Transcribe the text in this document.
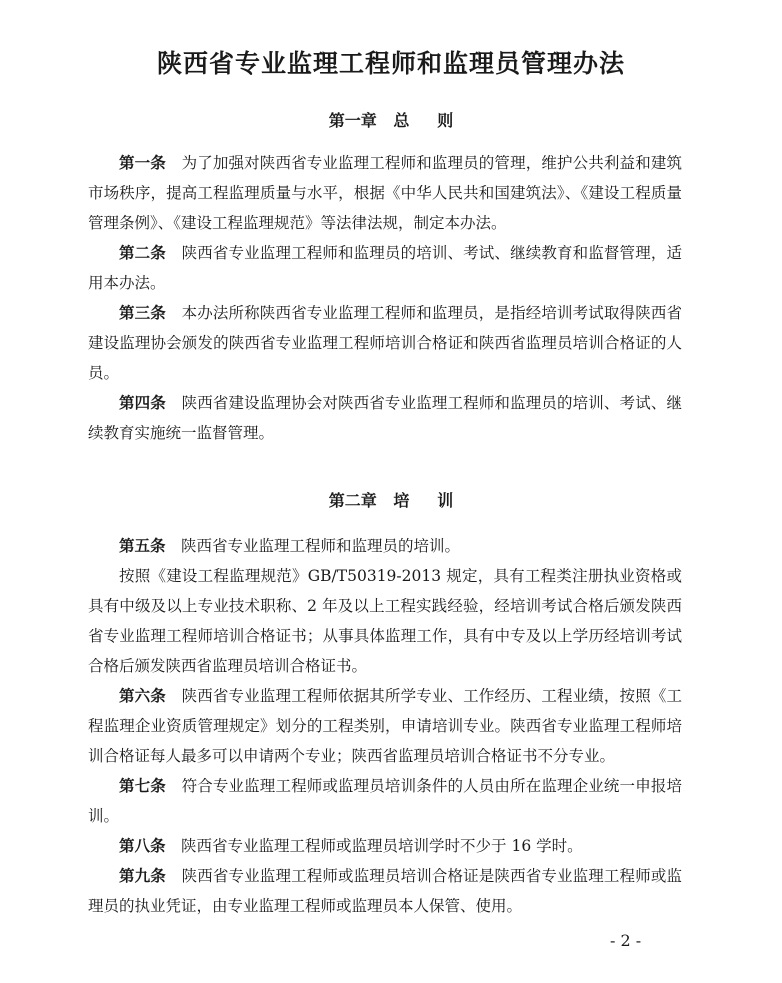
陕西省专业监理工程师和监理员管理办法
第一章   总     则

第一条　 为了加强对陕西省专业监理工程师和监理员的管理，维护公共利益和建筑市场秩序，提高工程监理质量与水平，根据《中华人民共和国建筑法》、《建设工程质量管理条例》、《建设工程监理规范》等法律法规，制定本办法。

第二条　 陕西省专业监理工程师和监理员的培训、考试、继续教育和监督管理，适用本办法。

第三条　 本办法所称陕西省专业监理工程师和监理员，是指经培训考试取得陕西省建设监理协会颁发的陕西省专业监理工程师培训合格证和陕西省监理员培训合格证的人员。

第四条　 陕西省建设监理协会对陕西省专业监理工程师和监理员的培训、考试、继续教育实施统一监督管理。

第二章   培     训

第五条　 陕西省专业监理工程师和监理员的培训。

按照《建设工程监理规范》GB/T50319-2013 规定，具有工程类注册执业资格或具有中级及以上专业技术职称、2 年及以上工程实践经验，经培训考试合格后颁发陕西省专业监理工程师培训合格证书；从事具体监理工作，具有中专及以上学历经培训考试合格后颁发陕西省监理员培训合格证书。

第六条　 陕西省专业监理工程师依据其所学专业、工作经历、工程业绩，按照《工程监理企业资质管理规定》划分的工程类别，申请培训专业。陕西省专业监理工程师培训合格证每人最多可以申请两个专业；陕西省监理员培训合格证书不分专业。

第七条　 符合专业监理工程师或监理员培训条件的人员由所在监理企业统一申报培训。

第八条　 陕西省专业监理工程师或监理员培训学时不少于 16 学时。

第九条　 陕西省专业监理工程师或监理员培训合格证是陕西省专业监理工程师或监理员的执业凭证，由专业监理工程师或监理员本人保管、使用。

- 2 -
